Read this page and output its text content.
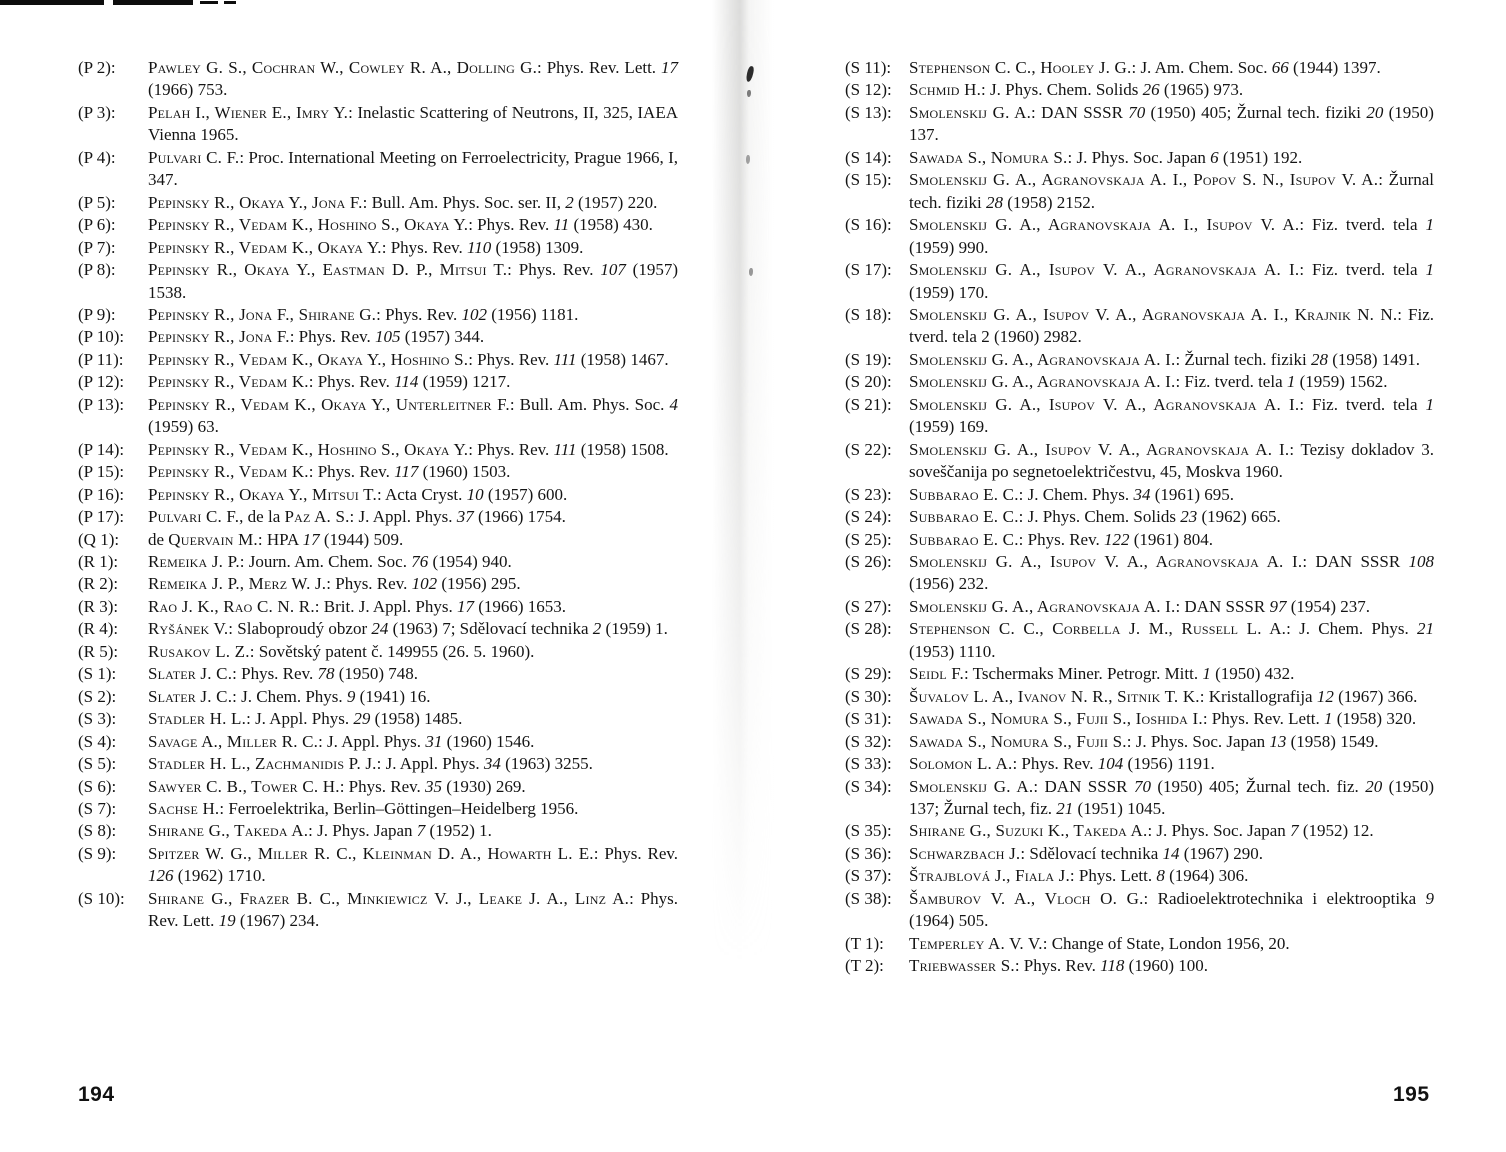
(P 2): Pawley G. S., Cochran W., Cowley R. A., Dolling G.: Phys. Rev. Lett. 17 (1966) 753.
(P 3): Pelah I., Wiener E., Imry Y.: Inelastic Scattering of Neutrons, II, 325, IAEA Vienna 1965.
(P 4): Pulvari C. F.: Proc. International Meeting on Ferroelectricity, Prague 1966, I, 347.
(P 5): Pepinsky R., Okaya Y., Jona F.: Bull. Am. Phys. Soc. ser. II, 2 (1957) 220.
(P 6): Pepinsky R., Vedam K., Hoshino S., Okaya Y.: Phys. Rev. 11 (1958) 430.
(P 7): Pepinsky R., Vedam K., Okaya Y.: Phys. Rev. 110 (1958) 1309.
(P 8): Pepinsky R., Okaya Y., Eastman D. P., Mitsui T.: Phys. Rev. 107 (1957) 1538.
(P 9): Pepinsky R., Jona F., Shirane G.: Phys. Rev. 102 (1956) 1181.
(P 10): Pepinsky R., Jona F.: Phys. Rev. 105 (1957) 344.
(P 11): Pepinsky R., Vedam K., Okaya Y., Hoshino S.: Phys. Rev. 111 (1958) 1467.
(P 12): Pepinsky R., Vedam K.: Phys. Rev. 114 (1959) 1217.
(P 13): Pepinsky R., Vedam K., Okaya Y., Unterleitner F.: Bull. Am. Phys. Soc. 4 (1959) 63.
(P 14): Pepinsky R., Vedam K., Hoshino S., Okaya Y.: Phys. Rev. 111 (1958) 1508.
(P 15): Pepinsky R., Vedam K.: Phys. Rev. 117 (1960) 1503.
(P 16): Pepinsky R., Okaya Y., Mitsui T.: Acta Cryst. 10 (1957) 600.
(P 17): Pulvari C. F., de la Paz A. S.: J. Appl. Phys. 37 (1966) 1754.
(Q 1): de Quervain M.: HPA 17 (1944) 509.
(R 1): Remeika J. P.: Journ. Am. Chem. Soc. 76 (1954) 940.
(R 2): Remeika J. P., Merz W. J.: Phys. Rev. 102 (1956) 295.
(R 3): Rao J. K., Rao C. N. R.: Brit. J. Appl. Phys. 17 (1966) 1653.
(R 4): Ryšánek V.: Slaboproudý obzor 24 (1963) 7; Sdělovací technika 2 (1959) 1.
(R 5): Rusakov L. Z.: Sovětský patent č. 149955 (26. 5. 1960).
(S 1): Slater J. C.: Phys. Rev. 78 (1950) 748.
(S 2): Slater J. C.: J. Chem. Phys. 9 (1941) 16.
(S 3): Stadler H. L.: J. Appl. Phys. 29 (1958) 1485.
(S 4): Savage A., Miller R. C.: J. Appl. Phys. 31 (1960) 1546.
(S 5): Stadler H. L., Zachmanidis P. J.: J. Appl. Phys. 34 (1963) 3255.
(S 6): Sawyer C. B., Tower C. H.: Phys. Rev. 35 (1930) 269.
(S 7): Sachse H.: Ferroelektrika, Berlin–Göttingen–Heidelberg 1956.
(S 8): Shirane G., Takeda A.: J. Phys. Japan 7 (1952) 1.
(S 9): Spitzer W. G., Miller R. C., Kleinman D. A., Howarth L. E.: Phys. Rev. 126 (1962) 1710.
(S 10): Shirane G., Frazer B. C., Minkiewicz V. J., Leake J. A., Linz A.: Phys. Rev. Lett. 19 (1967) 234.
(S 11): Stephenson C. C., Hooley J. G.: J. Am. Chem. Soc. 66 (1944) 1397.
(S 12): Schmid H.: J. Phys. Chem. Solids 26 (1965) 973.
(S 13): Smolenskij G. A.: DAN SSSR 70 (1950) 405; Žurnal tech. fiziki 20 (1950) 137.
(S 14): Sawada S., Nomura S.: J. Phys. Soc. Japan 6 (1951) 192.
(S 15): Smolenskij G. A., Agranovskaja A. I., Popov S. N., Isupov V. A.: Žurnal tech. fiziki 28 (1958) 2152.
(S 16): Smolenskij G. A., Agranovskaja A. I., Isupov V. A.: Fiz. tverd. tela 1 (1959) 990.
(S 17): Smolenskij G. A., Isupov V. A., Agranovskaja A. I.: Fiz. tverd. tela 1 (1959) 170.
(S 18): Smolenskij G. A., Isupov V. A., Agranovskaja A. I., Krajnik N. N.: Fiz. tverd. tela 2 (1960) 2982.
(S 19): Smolenskij G. A., Agranovskaja A. I.: Žurnal tech. fiziki 28 (1958) 1491.
(S 20): Smolenskij G. A., Agranovskaja A. I.: Fiz. tverd. tela 1 (1959) 1562.
(S 21): Smolenskij G. A., Isupov V. A., Agranovskaja A. I.: Fiz. tverd. tela 1 (1959) 169.
(S 22): Smolenskij G. A., Isupov V. A., Agranovskaja A. I.: Tezisy dokladov 3. soveščanija po segnetoelektričestvu, 45, Moskva 1960.
(S 23): Subbarao E. C.: J. Chem. Phys. 34 (1961) 695.
(S 24): Subbarao E. C.: J. Phys. Chem. Solids 23 (1962) 665.
(S 25): Subbarao E. C.: Phys. Rev. 122 (1961) 804.
(S 26): Smolenskij G. A., Isupov V. A., Agranovskaja A. I.: DAN SSSR 108 (1956) 232.
(S 27): Smolenskij G. A., Agranovskaja A. I.: DAN SSSR 97 (1954) 237.
(S 28): Stephenson C. C., Corbella J. M., Russell L. A.: J. Chem. Phys. 21 (1953) 1110.
(S 29): Seidl F.: Tschermaks Miner. Petrogr. Mitt. 1 (1950) 432.
(S 30): Šuvalov L. A., Ivanov N. R., Sitnik T. K.: Kristallografija 12 (1967) 366.
(S 31): Sawada S., Nomura S., Fujii S., Ioshida I.: Phys. Rev. Lett. 1 (1958) 320.
(S 32): Sawada S., Nomura S., Fujii S.: J. Phys. Soc. Japan 13 (1958) 1549.
(S 33): Solomon L. A.: Phys. Rev. 104 (1956) 1191.
(S 34): Smolenskij G. A.: DAN SSSR 70 (1950) 405; Žurnal tech. fiz. 20 (1950) 137; Žurnal tech, fiz. 21 (1951) 1045.
(S 35): Shirane G., Suzuki K., Takeda A.: J. Phys. Soc. Japan 7 (1952) 12.
(S 36): Schwarzbach J.: Sdělovací technika 14 (1967) 290.
(S 37): Štrajblová J., Fiala J.: Phys. Lett. 8 (1964) 306.
(S 38): Šamburov V. A., Vloch O. G.: Radioelektrotechnika i elektrooptika 9 (1964) 505.
(T 1): Temperley A. V. V.: Change of State, London 1956, 20.
(T 2): Triebwasser S.: Phys. Rev. 118 (1960) 100.
194	195
